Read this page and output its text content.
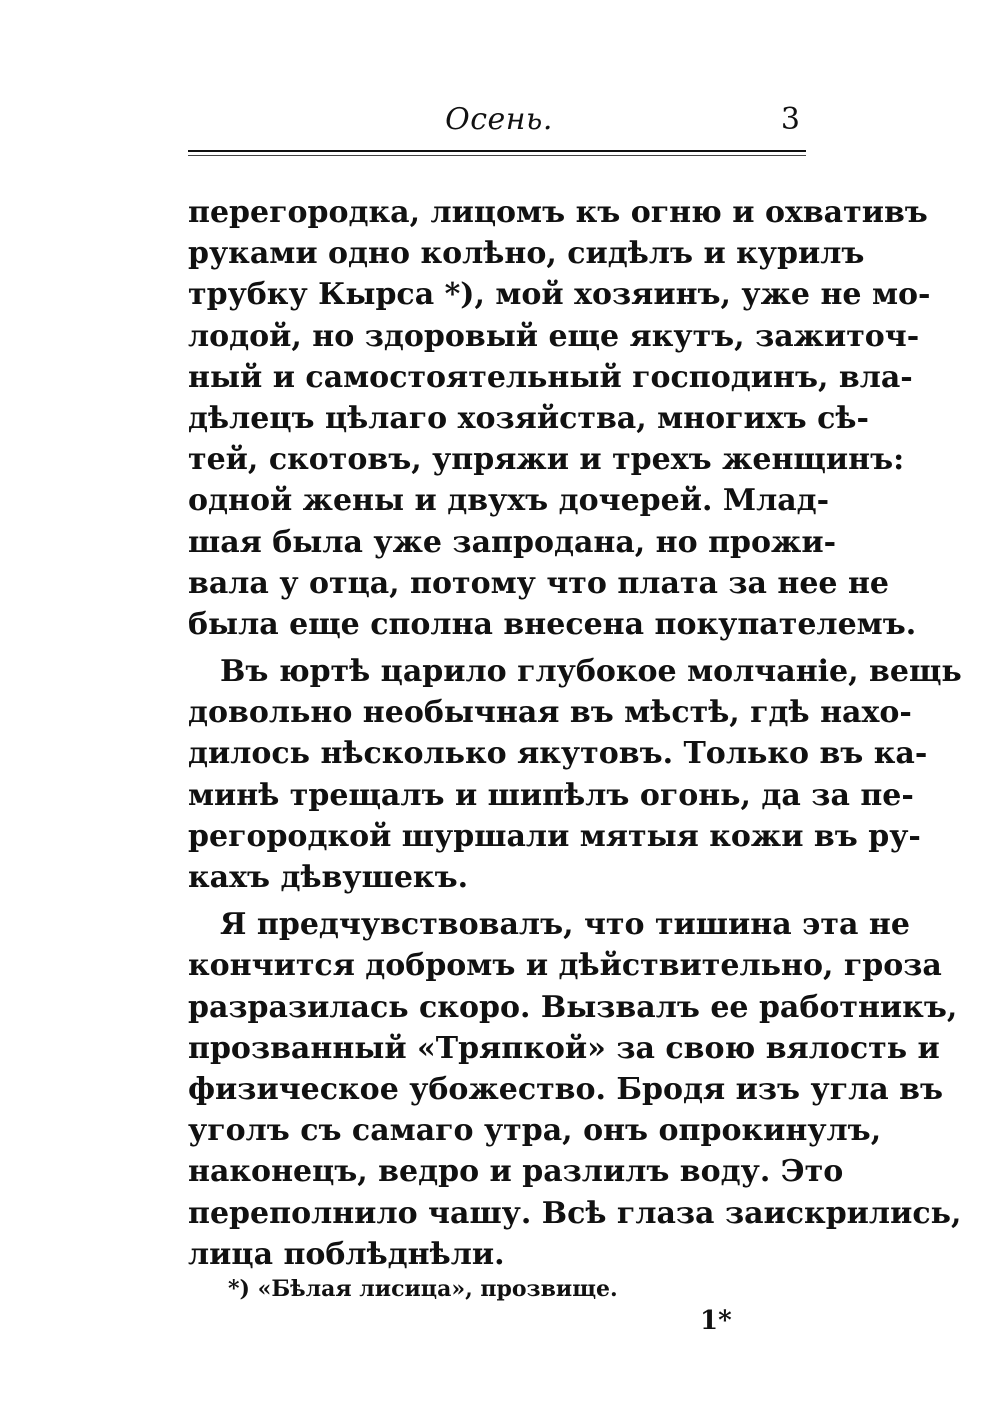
Осень.	3
перегородка, лицомъ къ огню и охвативъ
руками одно колѣно, сидѣлъ и курилъ
трубку Кырса *), мой хозяинъ, уже не мо-
лодой, но здоровый еще якутъ, зажиточ-
ный и самостоятельный господинъ, вла-
дѣлецъ цѣлаго хозяйства, многихъ сѣ-
тей, скотовъ, упряжи и трехъ женщинъ:
одной жены и двухъ дочерей. Млад-
шая была уже запродана, но прожи-
вала у отца, потому что плата за нее не
была еще сполна внесена покупателемъ.
Въ юртѣ царило глубокое молчаніе, вещь
довольно необычная въ мѣстѣ, гдѣ нахо-
дилось нѣсколько якутовъ. Только въ ка-
минѣ трещалъ и шипѣлъ огонь, да за пе-
регородкой шуршали мятыя кожи въ ру-
кахъ дѣвушекъ.
Я предчувствовалъ, что тишина эта не
кончится добромъ и дѣйствительно, гроза
разразилась скоро. Вызвалъ ее работникъ,
прозванный «Тряпкой» за свою вялость и
физическое убожество. Бродя изъ угла въ
уголъ съ самаго утра, онъ опрокинулъ,
наконецъ, ведро и разлилъ воду. Это
переполнило чашу. Всѣ глаза заискрились,
лица поблѣднѣли.
*) «Бѣлая лисица», прозвище.
1*
